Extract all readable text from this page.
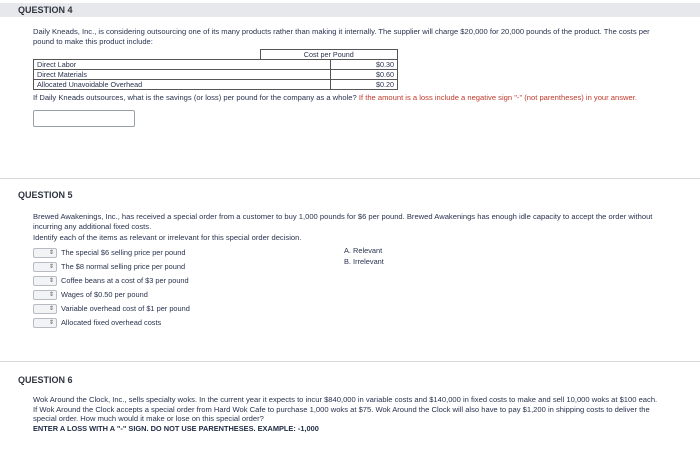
QUESTION 4
Daily Kneads, Inc., is considering outsourcing one of its many products rather than making it internally. The supplier will charge $20,000 for 20,000 pounds of the product. The costs per pound to make this product include:
	Cost per Pound	
Direct Labor		$0.30
Direct Materials		$0.60
Allocated Unavoidable Overhead		$0.20
If Daily Kneads outsources, what is the savings (or loss) per pound for the company as a whole? If the amount is a loss include a negative sign "-" (not parentheses) in your answer.
QUESTION 5
Brewed Awakenings, Inc., has received a special order from a customer to buy 1,000 pounds for $6 per pound. Brewed Awakenings has enough idle capacity to accept the order without incurring any additional fixed costs.
Identify each of the items as relevant or irrelevant for this special order decision.
⇕ The special $6 selling price per pound
⇕ The $8 normal selling price per pound
⇕ Coffee beans at a cost of $3 per pound
⇕ Wages of $0.50 per pound
⇕ Variable overhead cost of $1 per pound
⇕ Allocated fixed overhead costs
A. Relevant
B. Irrelevant
QUESTION 6
Wok Around the Clock, Inc., sells specialty woks. In the current year it expects to incur $840,000 in variable costs and $140,000 in fixed costs to make and sell 10,000 woks at $100 each.
If Wok Around the Clock accepts a special order from Hard Wok Cafe to purchase 1,000 woks at $75. Wok Around the Clock will also have to pay $1,200 in shipping costs to deliver the special order. How much would it make or lose on this special order?
ENTER A LOSS WITH A "-" SIGN. DO NOT USE PARENTHESES. EXAMPLE: -1,000
